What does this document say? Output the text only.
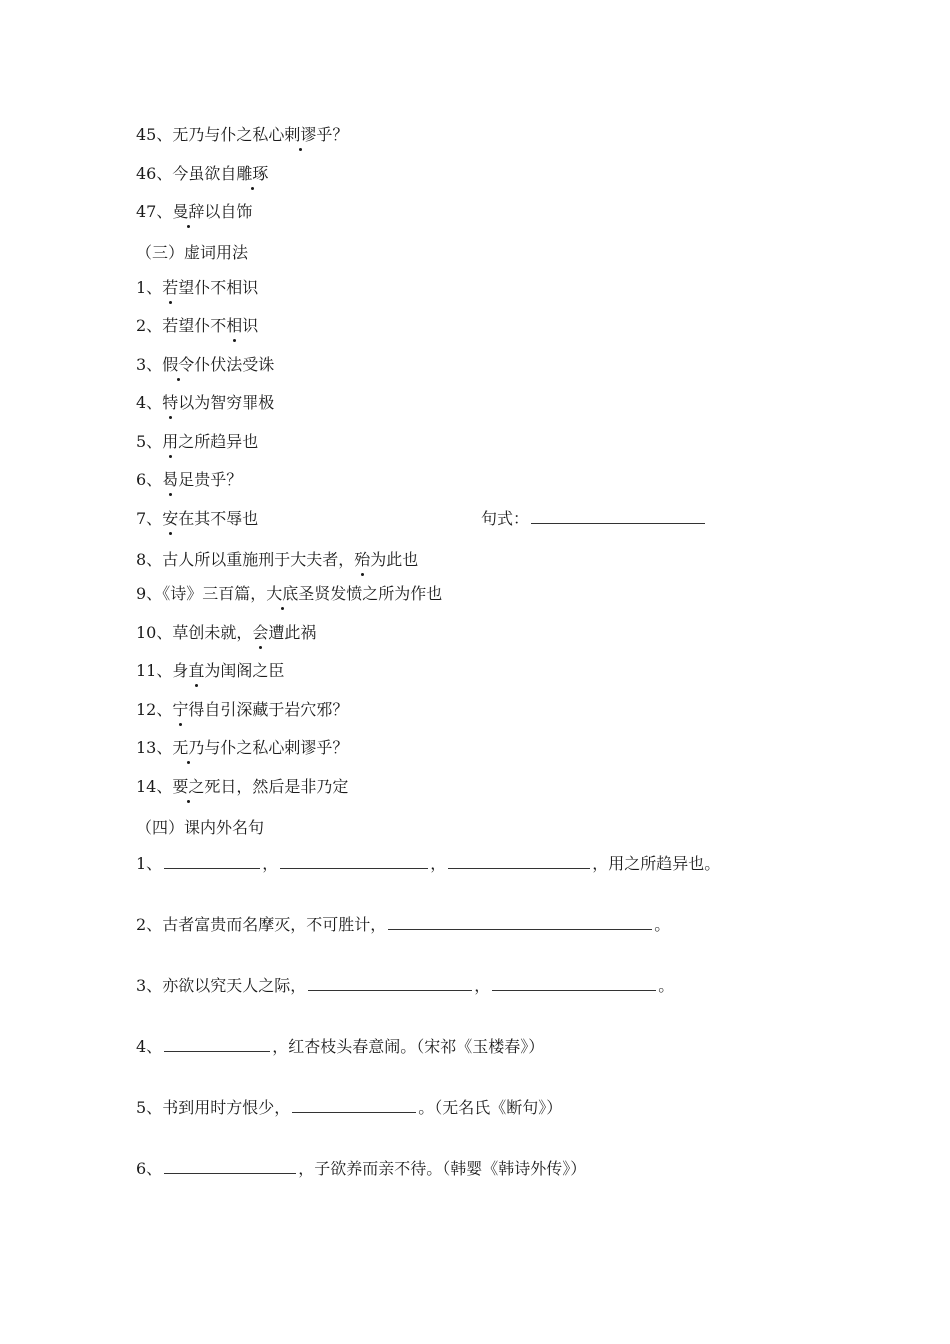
45、无乃与仆之私心剌谬乎？
46、今虽欲自雕琢
47、曼辞以自饰
（三）虚词用法
1、若望仆不相识
2、若望仆不相识
3、假令仆伏法受诛
4、特以为智穷罪极
5、用之所趋异也
6、曷足贵乎？
7、安在其不辱也	句式：
8、古人所以重施刑于大夫者，殆为此也
9、《诗》三百篇，大底圣贤发愤之所为作也
10、草创未就，会遭此祸
11、身直为闺阁之臣
12、宁得自引深藏于岩穴邪？
13、无乃与仆之私心剌谬乎？
14、要之死日，然后是非乃定
（四）课内外名句
1、	，	，	，用之所趋异也。
2、古者富贵而名摩灭，不可胜计，	。
3、亦欲以究天人之际，	，	。
4、	，红杏枝头春意闹。（宋祁《玉楼春》）
5、书到用时方恨少，	。（无名氏《断句》）
6、	，子欲养而亲不待。（韩婴《韩诗外传》）
